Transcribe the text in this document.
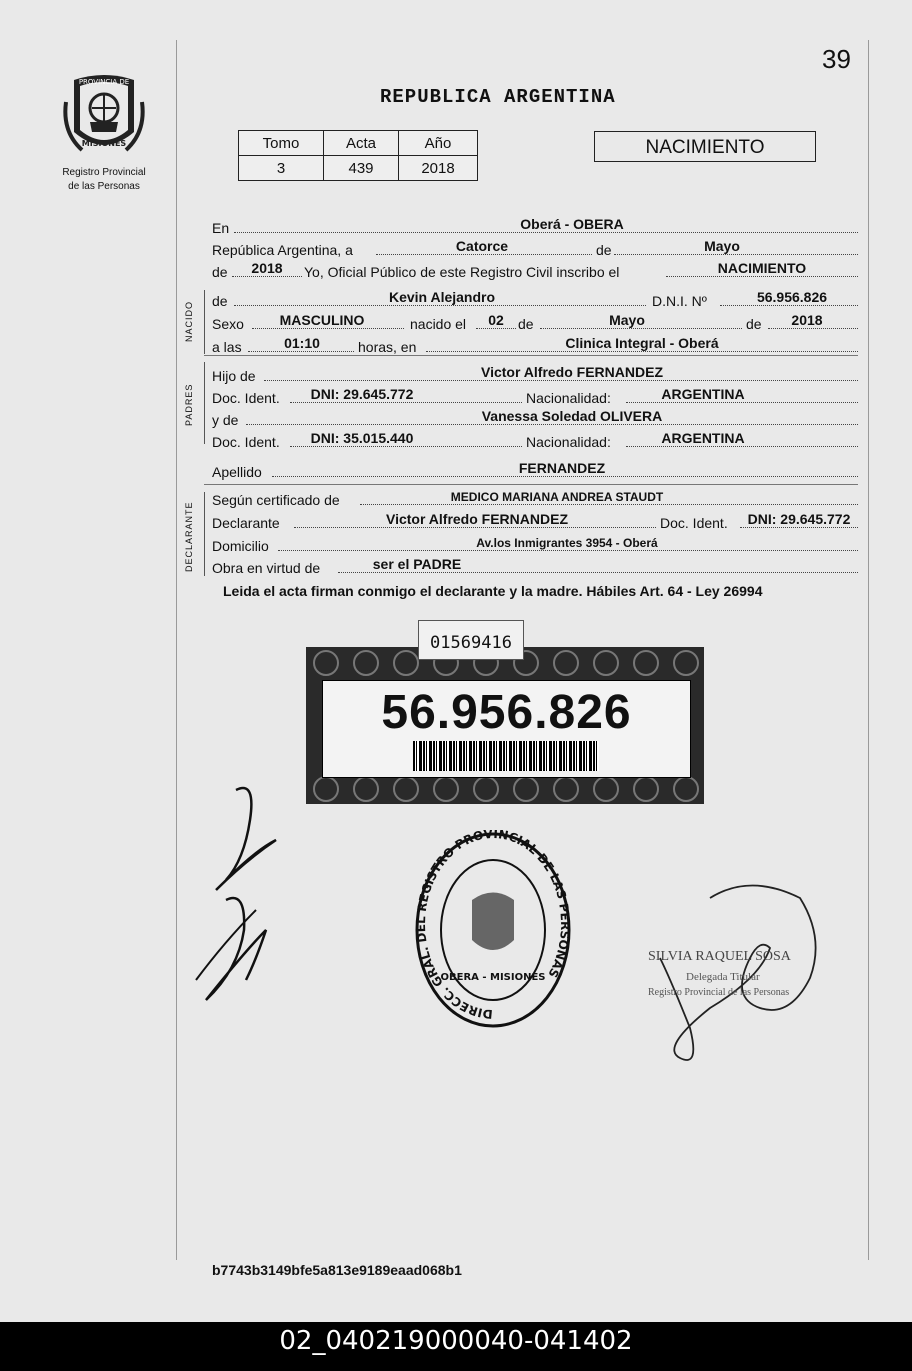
39
PROVINCIA DE
MISIONES
Registro Provincial
de las Personas
REPUBLICA ARGENTINA
Tomo	Acta	Año
3	439	2018
NACIMIENTO
En	Oberá - OBERA
República Argentina, a	Catorce	de	Mayo
de	2018	Yo, Oficial Público de este Registro Civil inscribo el	NACIMIENTO
NACIDO de	Kevin Alejandro	D.N.I. Nº	56.956.826
Sexo	MASCULINO	nacido el	02	de	Mayo	de	2018
a las	01:10	horas, en	Clinica Integral - Oberá
PADRES
Hijo de	Victor Alfredo FERNANDEZ
Doc. Ident.	DNI: 29.645.772	Nacionalidad:	ARGENTINA
y de	Vanessa Soledad OLIVERA
Doc. Ident.	DNI: 35.015.440	Nacionalidad:	ARGENTINA
Apellido	FERNANDEZ
DECLARANTE
Según certificado de	MEDICO MARIANA ANDREA STAUDT
Declarante	Victor Alfredo FERNANDEZ	Doc. Ident.	DNI: 29.645.772
Domicilio	Av.los Inmigrantes 3954 - Oberá
Obra en virtud de	ser el PADRE
Leida el acta firman conmigo el declarante y la madre. Hábiles Art. 64 - Ley 26994
56.956.826
01569416
DIRECC. GRAL. DEL REGISTRO PROVINCIAL DE LAS PERSONAS
OBERA - MISIONES
SILVIA RAQUEL SOSA
Delegada Titular
Registro Provincial de las Personas
b7743b3149bfe5a813e9189eaad068b1
02_040219000040-041402
